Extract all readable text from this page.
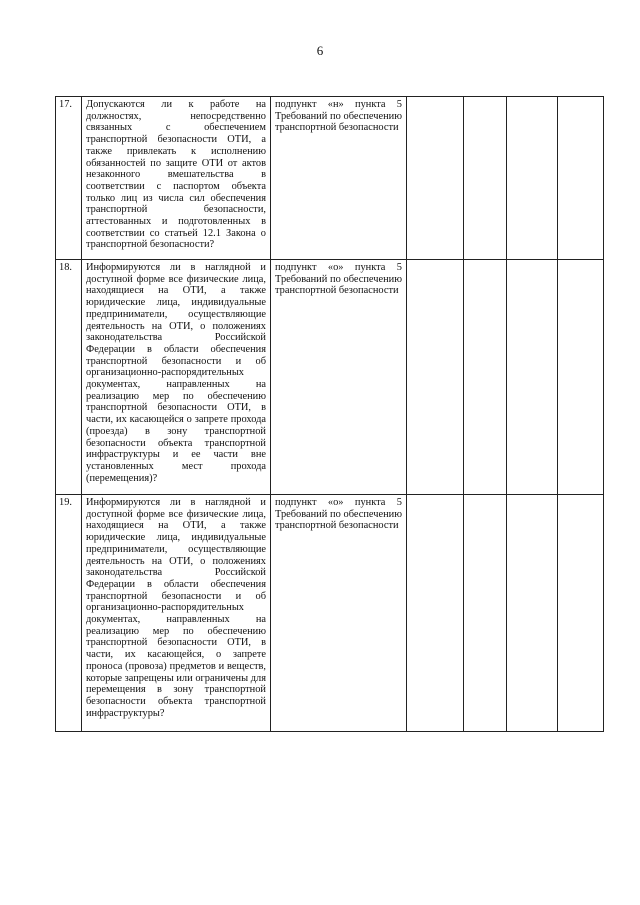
6
17.	Допускаются ли к работе на должностях, непосредственно связанных с обеспечением транспортной безопасности ОТИ, а также привлекать к исполнению обязанностей по защите ОТИ от актов незаконного вмешательства в соответствии с паспортом объекта только лиц из числа сил обеспечения транспортной безопасности, аттестованных и подготовленных в соответствии со статьей 12.1 Закона о транспортной безопасности?	подпункт «н» пункта 5 Требований по обеспечению транспортной безопасности				

18.	Информируются ли в наглядной и доступной форме все физические лица, находящиеся на ОТИ, а также юридические лица, индивидуальные предприниматели, осуществляющие деятельность на ОТИ, о положениях законодательства Российской Федерации в области обеспечения транспортной безопасности и об организационно-распорядительных документах, направленных на реализацию мер по обеспечению транспортной безопасности ОТИ, в части, их касающейся о запрете прохода (проезда) в зону транспортной безопасности объекта транспортной инфраструктуры и ее части вне установленных мест прохода (перемещения)?	подпункт «о» пункта 5 Требований по обеспечению транспортной безопасности				

19.	Информируются ли в наглядной и доступной форме все физические лица, находящиеся на ОТИ, а также юридические лица, индивидуальные предприниматели, осуществляющие деятельность на ОТИ, о положениях законодательства Российской Федерации в области обеспечения транспортной безопасности и об организационно-распорядительных документах, направленных на реализацию мер по обеспечению транспортной безопасности ОТИ, в части, их касающейся, о запрете проноса (провоза) предметов и веществ, которые запрещены или ограничены для перемещения в зону транспортной безопасности объекта транспортной инфраструктуры?	подпункт «о» пункта 5 Требований по обеспечению транспортной безопасности				
